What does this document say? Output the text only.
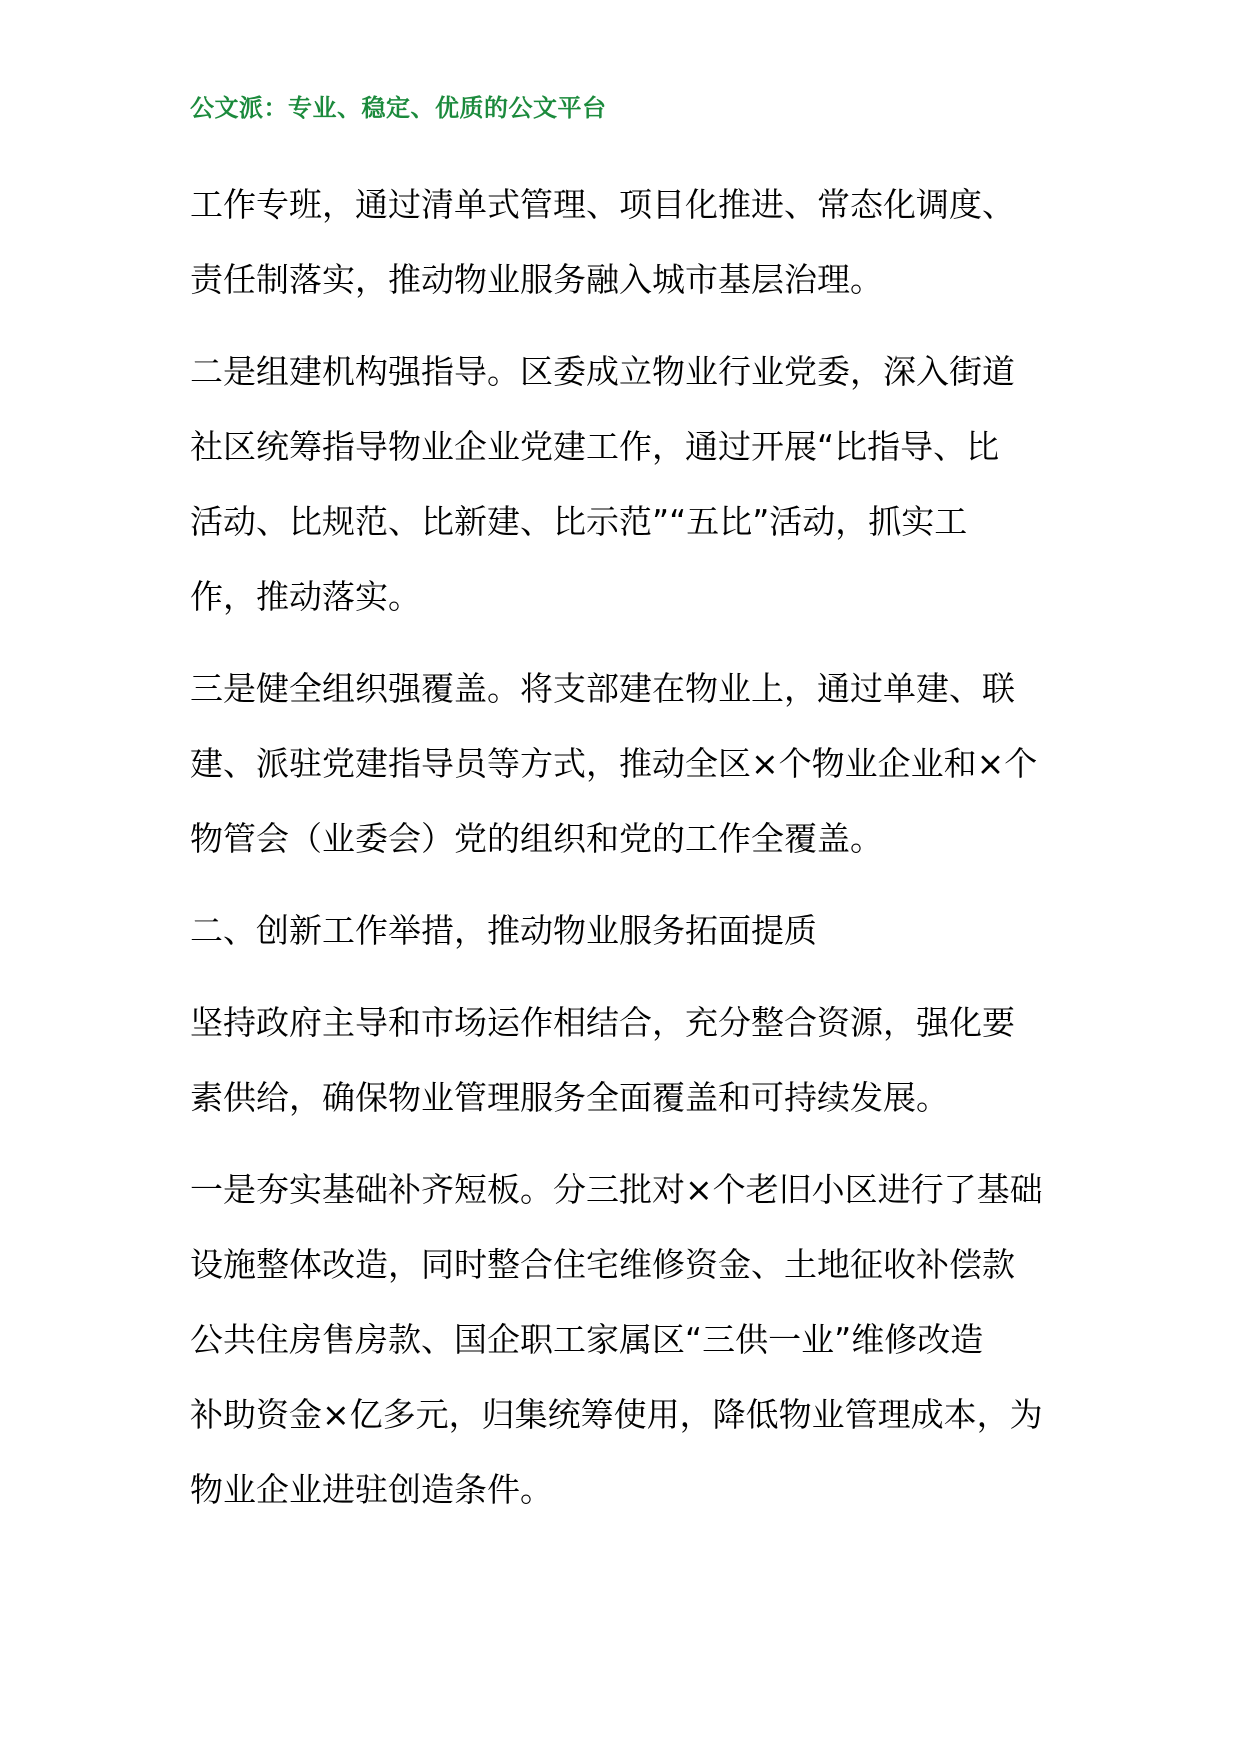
公文派：专业、稳定、优质的公文平台
工作专班，通过清单式管理、项目化推进、常态化调度、
责任制落实，推动物业服务融入城市基层治理。
二是组建机构强指导。区委成立物业行业党委，深入街道
社区统筹指导物业企业党建工作，通过开展“比指导、比
活动、比规范、比新建、比示范”“五比”活动，抓实工
作，推动落实。
三是健全组织强覆盖。将支部建在物业上，通过单建、联
建、派驻党建指导员等方式，推动全区×个物业企业和×个
物管会（业委会）党的组织和党的工作全覆盖。
二、创新工作举措，推动物业服务拓面提质
坚持政府主导和市场运作相结合，充分整合资源，强化要
素供给，确保物业管理服务全面覆盖和可持续发展。
一是夯实基础补齐短板。分三批对×个老旧小区进行了基础
设施整体改造，同时整合住宅维修资金、土地征收补偿款
公共住房售房款、国企职工家属区“三供一业”维修改造
补助资金×亿多元，归集统筹使用，降低物业管理成本，为
物业企业进驻创造条件。
